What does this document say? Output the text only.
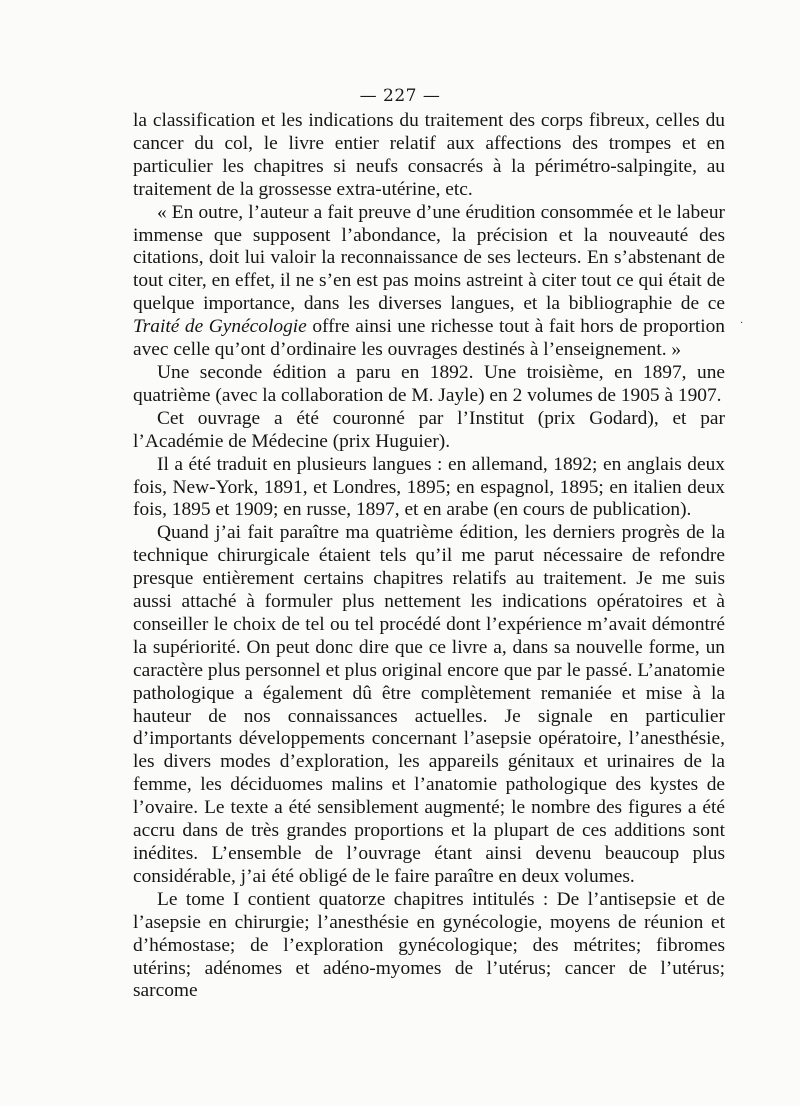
— 227 —
·

la classification et les indications du traitement des corps fibreux, celles du cancer du col, le livre entier relatif aux affections des trompes et en particulier les chapitres si neufs consacrés à la périmétro-salpingite, au traitement de la grossesse extra-utérine, etc.

« En outre, l’auteur a fait preuve d’une érudition consommée et le labeur immense que supposent l’abondance, la précision et la nouveauté des citations, doit lui valoir la reconnaissance de ses lecteurs. En s’abstenant de tout citer, en effet, il ne s’en est pas moins astreint à citer tout ce qui était de quelque importance, dans les diverses langues, et la bibliographie de ce Traité de Gynécologie offre ainsi une richesse tout à fait hors de proportion avec celle qu’ont d’ordinaire les ouvrages destinés à l’enseignement. »

Une seconde édition a paru en 1892. Une troisième, en 1897, une quatrième (avec la collaboration de M. Jayle) en 2 volumes de 1905 à 1907.

Cet ouvrage a été couronné par l’Institut (prix Godard), et par l’Académie de Médecine (prix Huguier).

Il a été traduit en plusieurs langues : en allemand, 1892; en anglais deux fois, New-York, 1891, et Londres, 1895; en espagnol, 1895; en italien deux fois, 1895 et 1909; en russe, 1897, et en arabe (en cours de publication).

Quand j’ai fait paraître ma quatrième édition, les derniers progrès de la technique chirurgicale étaient tels qu’il me parut nécessaire de refondre presque entièrement certains chapitres relatifs au traitement. Je me suis aussi attaché à formuler plus nettement les indications opératoires et à conseiller le choix de tel ou tel procédé dont l’expérience m’avait démontré la supériorité. On peut donc dire que ce livre a, dans sa nouvelle forme, un caractère plus personnel et plus original encore que par le passé. L’anatomie pathologique a également dû être complètement remaniée et mise à la hauteur de nos connaissances actuelles. Je signale en particulier d’importants développements concernant l’asepsie opératoire, l’anesthésie, les divers modes d’exploration, les appareils génitaux et urinaires de la femme, les déciduomes malins et l’anatomie pathologique des kystes de l’ovaire. Le texte a été sensiblement augmenté; le nombre des figures a été accru dans de très grandes proportions et la plupart de ces additions sont inédites. L’ensemble de l’ouvrage étant ainsi devenu beaucoup plus considérable, j’ai été obligé de le faire paraître en deux volumes.

Le tome I contient quatorze chapitres intitulés : De l’antisepsie et de l’asepsie en chirurgie; l’anesthésie en gynécologie, moyens de réunion et d’hémostase; de l’exploration gynécologique; des métrites; fibromes utérins; adénomes et adéno-myomes de l’utérus; cancer de l’utérus; sarcome
